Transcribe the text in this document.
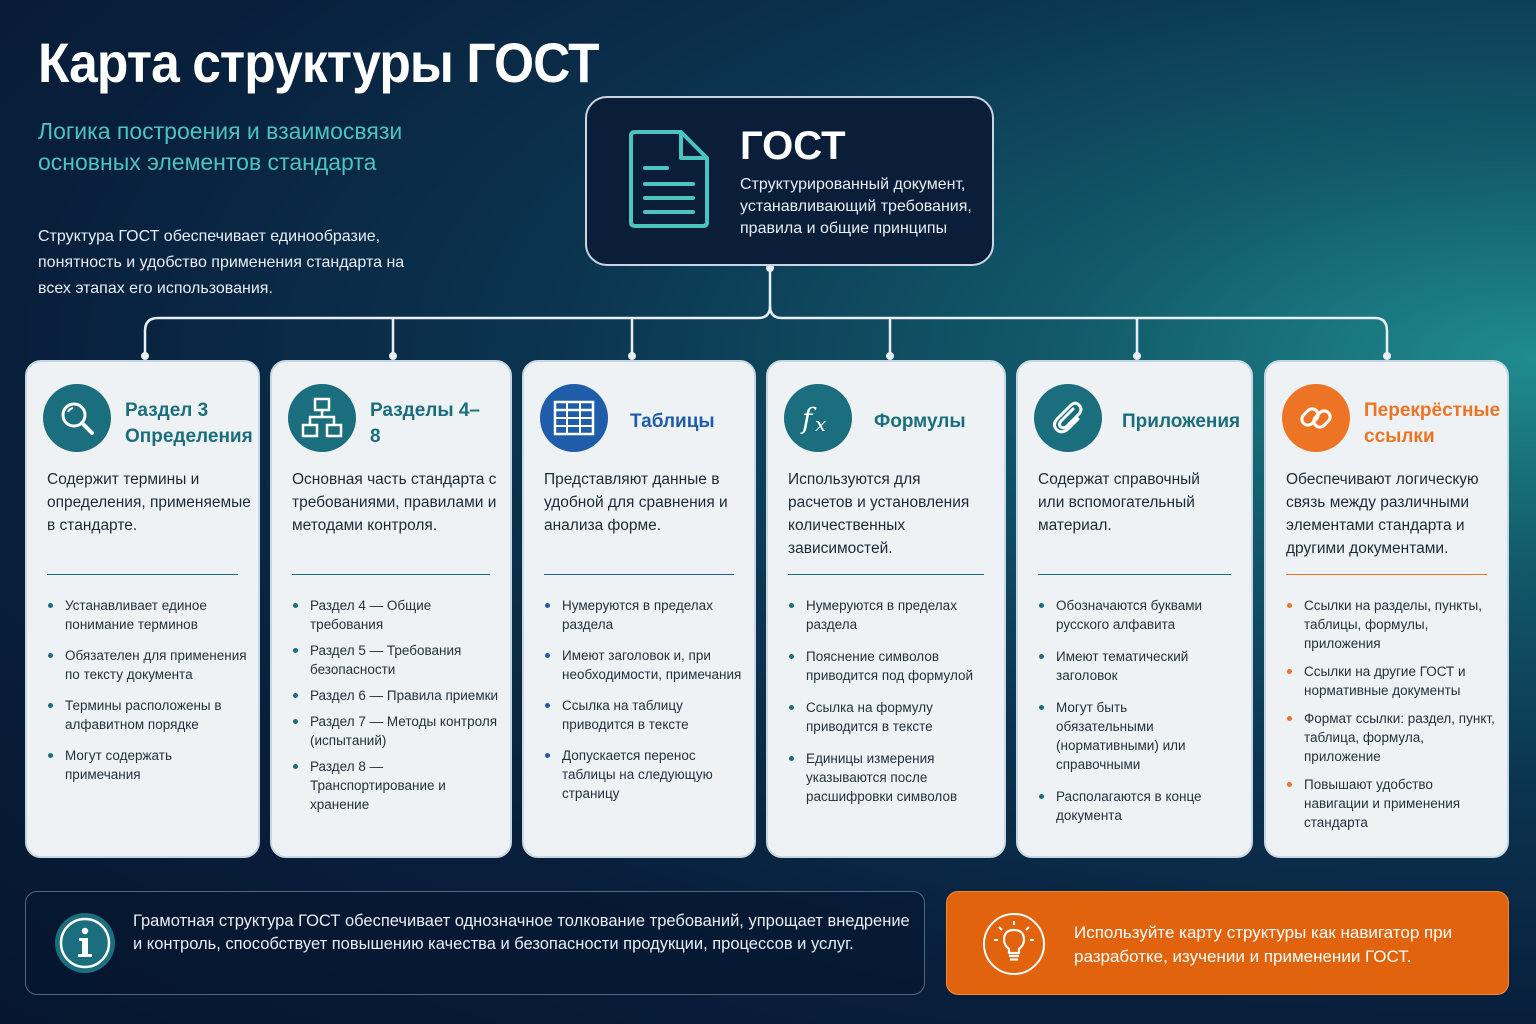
Карта структуры ГОСТ
Логика построения и взаимосвязи основных элементов стандарта
Структура ГОСТ обеспечивает единообразие, понятность и удобство применения стандарта на всех этапах его использования.
ГОСТ
Структурированный документ, устанавливающий требования, правила и общие принципы
Раздел 3 Определения
Содержит термины и определения, применяемые в стандарте.
Устанавливает единое понимание терминов
Обязателен для применения по тексту документа
Термины расположены в алфавитном порядке
Могут содержать примечания
Разделы 4–8
Основная часть стандарта с требованиями, правилами и методами контроля.
Раздел 4 — Общие требования
Раздел 5 — Требования безопасности
Раздел 6 — Правила приемки
Раздел 7 — Методы контроля (испытаний)
Раздел 8 — Транспортирование и хранение
Таблицы
Представляют данные в удобной для сравнения и анализа форме.
Нумеруются в пределах раздела
Имеют заголовок и, при необходимости, примечания
Ссылка на таблицу приводится в тексте
Допускается перенос таблицы на следующую страницу
f x	Формулы
Используются для расчетов и установления количественных зависимостей.
Нумеруются в пределах раздела
Пояснение символов приводится под формулой
Ссылка на формулу приводится в тексте
Единицы измерения указываются после расшифровки символов
Приложения
Содержат справочный или вспомогательный материал.
Обозначаются буквами русского алфавита
Имеют тематический заголовок
Могут быть обязательными (нормативными) или справочными
Располагаются в конце документа
Перекрёстные ссылки
Обеспечивают логическую связь между различными элементами стандарта и другими документами.
Ссылки на разделы, пункты, таблицы, формулы, приложения
Ссылки на другие ГОСТ и нормативные документы
Формат ссылки: раздел, пункт, таблица, формула, приложение
Повышают удобство навигации и применения стандарта
Грамотная структура ГОСТ обеспечивает однозначное толкование требований, упрощает внедрение и контроль, способствует повышению качества и безопасности продукции, процессов и услуг.
Используйте карту структуры как навигатор при разработке, изучении и применении ГОСТ.
